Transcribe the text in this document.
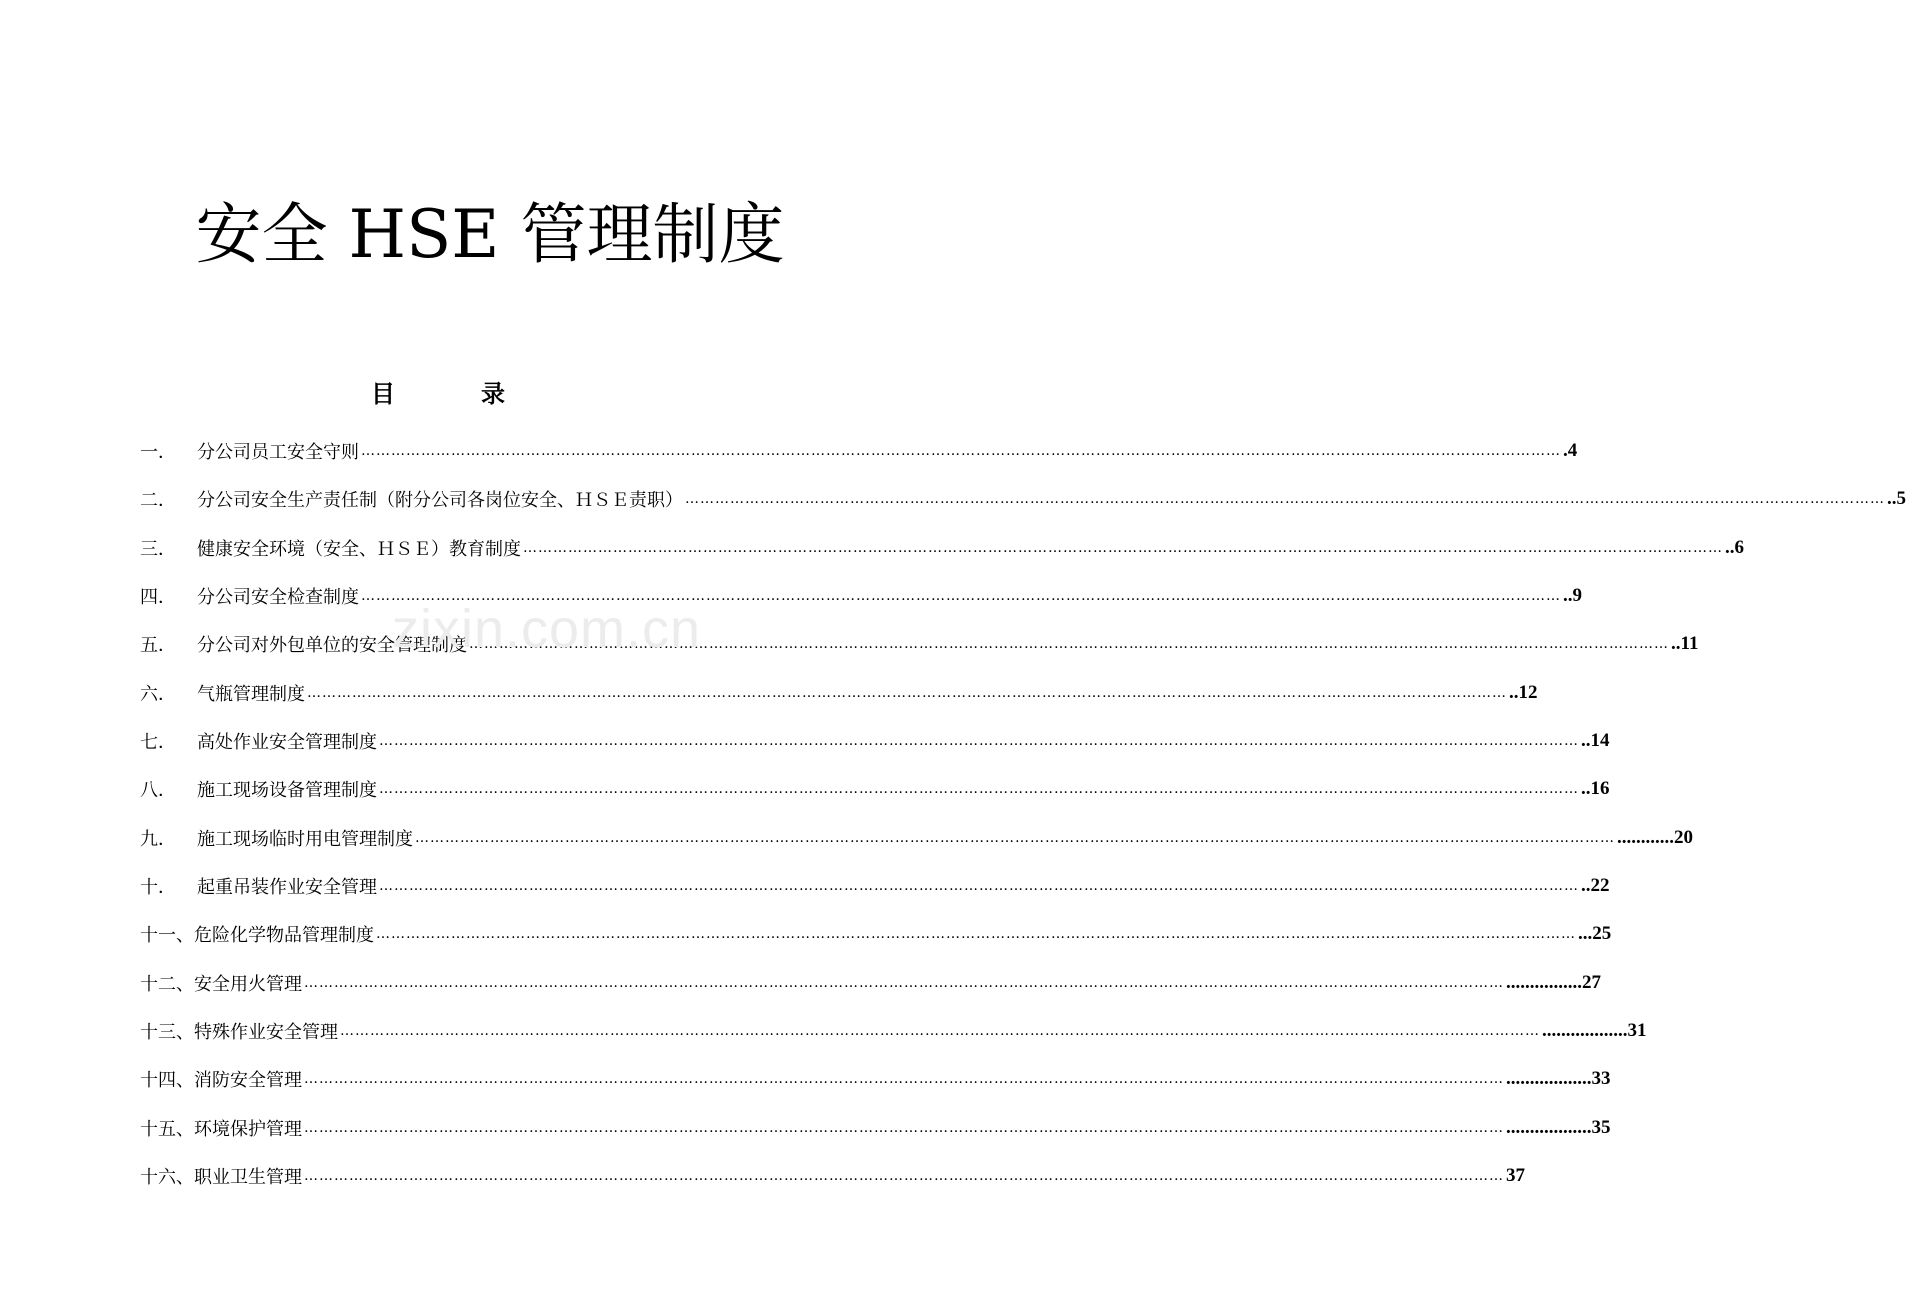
安全 HSE 管理制度
目录
一．	分公司员工安全守则 …………………………………………………………………………………………………………………………………………………………………………………………………………………… .4
二．	分公司安全生产责任制（附分公司各岗位安全、ＨＳＥ责职） …………………………………………………………………………………………………………………………………………………………………………………………………………………… ..5
三．	健康安全环境（安全、ＨＳＥ）教育制度 …………………………………………………………………………………………………………………………………………………………………………………………………………………… ..6
四．	分公司安全检查制度 …………………………………………………………………………………………………………………………………………………………………………………………………………………… ..9
五．	分公司对外包单位的安全管理制度 …………………………………………………………………………………………………………………………………………………………………………………………………………………… ..11
六．	气瓶管理制度 …………………………………………………………………………………………………………………………………………………………………………………………………………………… ..12
七．	高处作业安全管理制度 …………………………………………………………………………………………………………………………………………………………………………………………………………………… ..14
八．	施工现场设备管理制度 …………………………………………………………………………………………………………………………………………………………………………………………………………………… ..16
九．	施工现场临时用电管理制度 …………………………………………………………………………………………………………………………………………………………………………………………………………………… ............20
十．	起重吊装作业安全管理 …………………………………………………………………………………………………………………………………………………………………………………………………………………… ..22
十一、 危险化学物品管理制度 …………………………………………………………………………………………………………………………………………………………………………………………………………………… ...25
十二、 安全用火管理 …………………………………………………………………………………………………………………………………………………………………………………………………………………… ................27
十三、 特殊作业安全管理 …………………………………………………………………………………………………………………………………………………………………………………………………………………… ..................31
十四、 消防安全管理 …………………………………………………………………………………………………………………………………………………………………………………………………………………… ..................33
十五、 环境保护管理 …………………………………………………………………………………………………………………………………………………………………………………………………………………… ..................35
十六、 职业卫生管理 …………………………………………………………………………………………………………………………………………………………………………………………………………………… 37
zixin.com.cn
